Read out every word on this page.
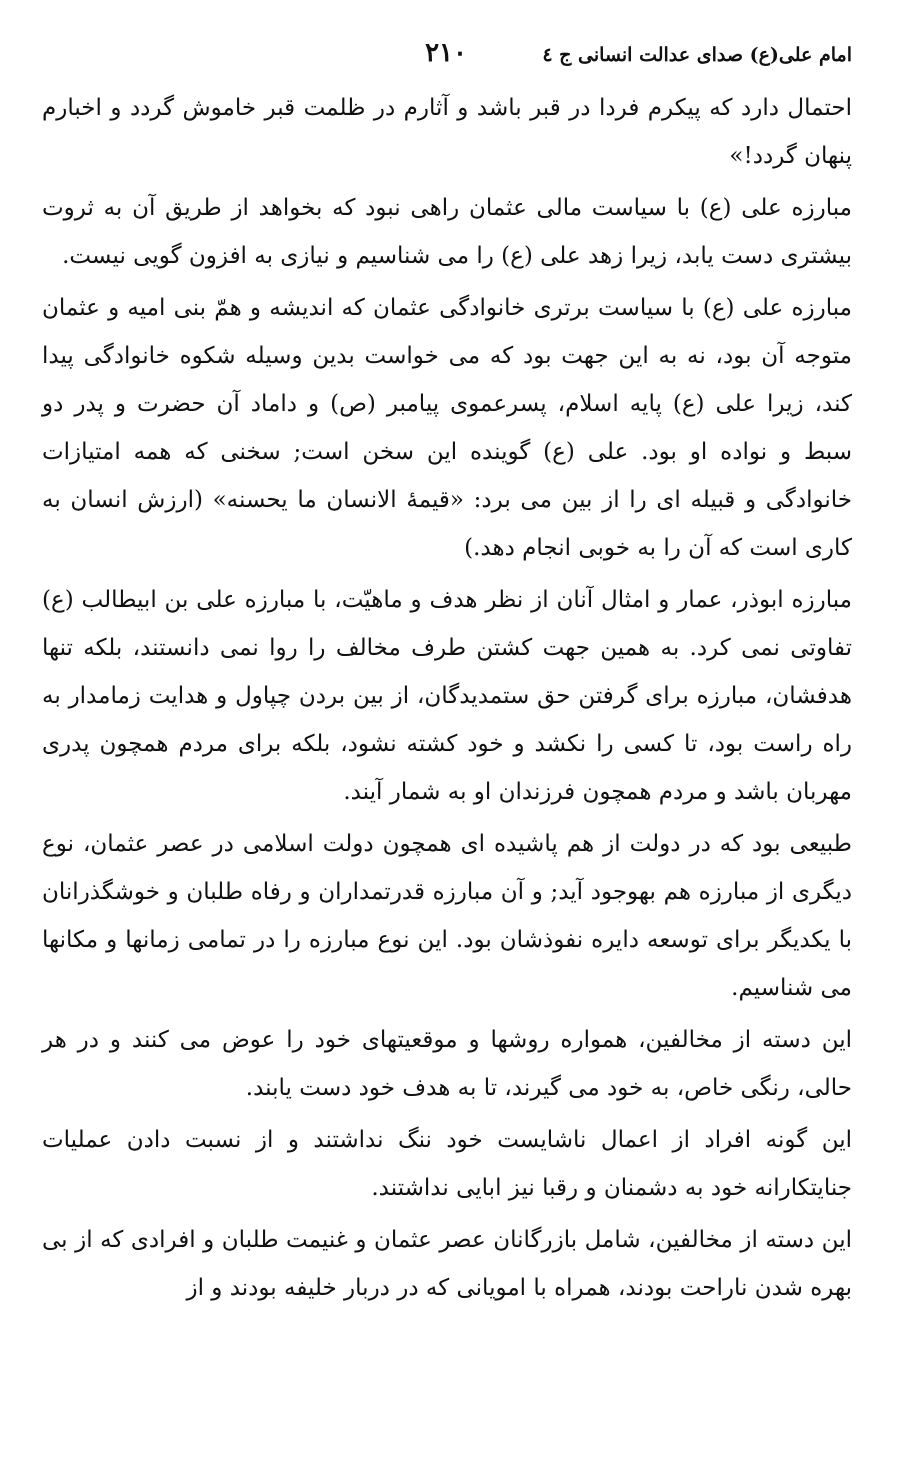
امام علی(ع) صدای عدالت انسانی ج ٤
٢١٠

احتمال دارد که پیکرم فردا در قبر باشد و آثارم در ظلمت قبر خاموش گردد و اخبارم پنهان گردد!»

مبارزه علی (ع) با سیاست مالی عثمان راهی نبود که بخواهد از طریق آن به ثروت بیشتری دست یابد، زیرا زهد علی (ع) را می شناسیم و نیازی به افزون گویی نیست.

مبارزه علی (ع) با سیاست برتری خانوادگی عثمان که اندیشه و همّ بنی امیه و عثمان متوجه آن بود، نه به این جهت بود که می خواست بدین وسیله شکوه خانوادگی پیدا کند، زیرا علی (ع) پایه اسلام، پسرعموی پیامبر (ص) و داماد آن حضرت و پدر دو سبط و نواده او بود. علی (ع) گوینده این سخن است; سخنی که همه امتیازات خانوادگی و قبیله ای را از بین می برد: «قیمهٔ الانسان ما یحسنه» (ارزش انسان به کاری است که آن را به خوبی انجام دهد.)

مبارزه ابوذر، عمار و امثال آنان از نظر هدف و ماهیّت، با مبارزه علی بن ابیطالب (ع) تفاوتی نمی کرد. به همین جهت کشتن طرف مخالف را روا نمی دانستند، بلکه تنها هدفشان، مبارزه برای گرفتن حق ستمدیدگان، از بین بردن چپاول و هدایت زمامدار به راه راست بود، تا کسی را نکشد و خود کشته نشود، بلکه برای مردم همچون پدری مهربان باشد و مردم همچون فرزندان او به شمار آیند.

طبیعی بود که در دولت از هم پاشیده ای همچون دولت اسلامی در عصر عثمان، نوع دیگری از مبارزه هم بهوجود آید; و آن مبارزه قدرتمداران و رفاه طلبان و خوشگذرانان با یکدیگر برای توسعه دایره نفوذشان بود. این نوع مبارزه را در تمامی زمانها و مکانها می شناسیم.

این دسته از مخالفین، همواره روشها و موقعیتهای خود را عوض می کنند و در هر حالی، رنگی خاص، به خود می گیرند، تا به هدف خود دست یابند.

این گونه افراد از اعمال ناشایست خود ننگ نداشتند و از نسبت دادن عملیات جنایتکارانه خود به دشمنان و رقبا نیز ابایی نداشتند.

این دسته از مخالفین، شامل بازرگانان عصر عثمان و غنیمت طلبان و افرادی که از بی بهره شدن ناراحت بودند، همراه با امویانی که در دربار خلیفه بودند و از
